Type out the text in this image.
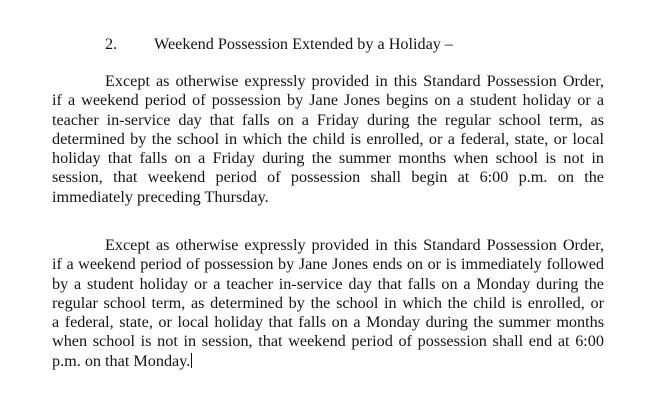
2. Weekend Possession Extended by a Holiday –
Except as otherwise expressly provided in this Standard Possession Order,
if a weekend period of possession by Jane Jones begins on a student holiday or a
teacher in-service day that falls on a Friday during the regular school term, as
determined by the school in which the child is enrolled, or a federal, state, or local
holiday that falls on a Friday during the summer months when school is not in
session, that weekend period of possession shall begin at 6:00 p.m. on the
immediately preceding Thursday.
Except as otherwise expressly provided in this Standard Possession Order,
if a weekend period of possession by Jane Jones ends on or is immediately followed
by a student holiday or a teacher in-service day that falls on a Monday during the
regular school term, as determined by the school in which the child is enrolled, or
a federal, state, or local holiday that falls on a Monday during the summer months
when school is not in session, that weekend period of possession shall end at 6:00
p.m. on that Monday.
